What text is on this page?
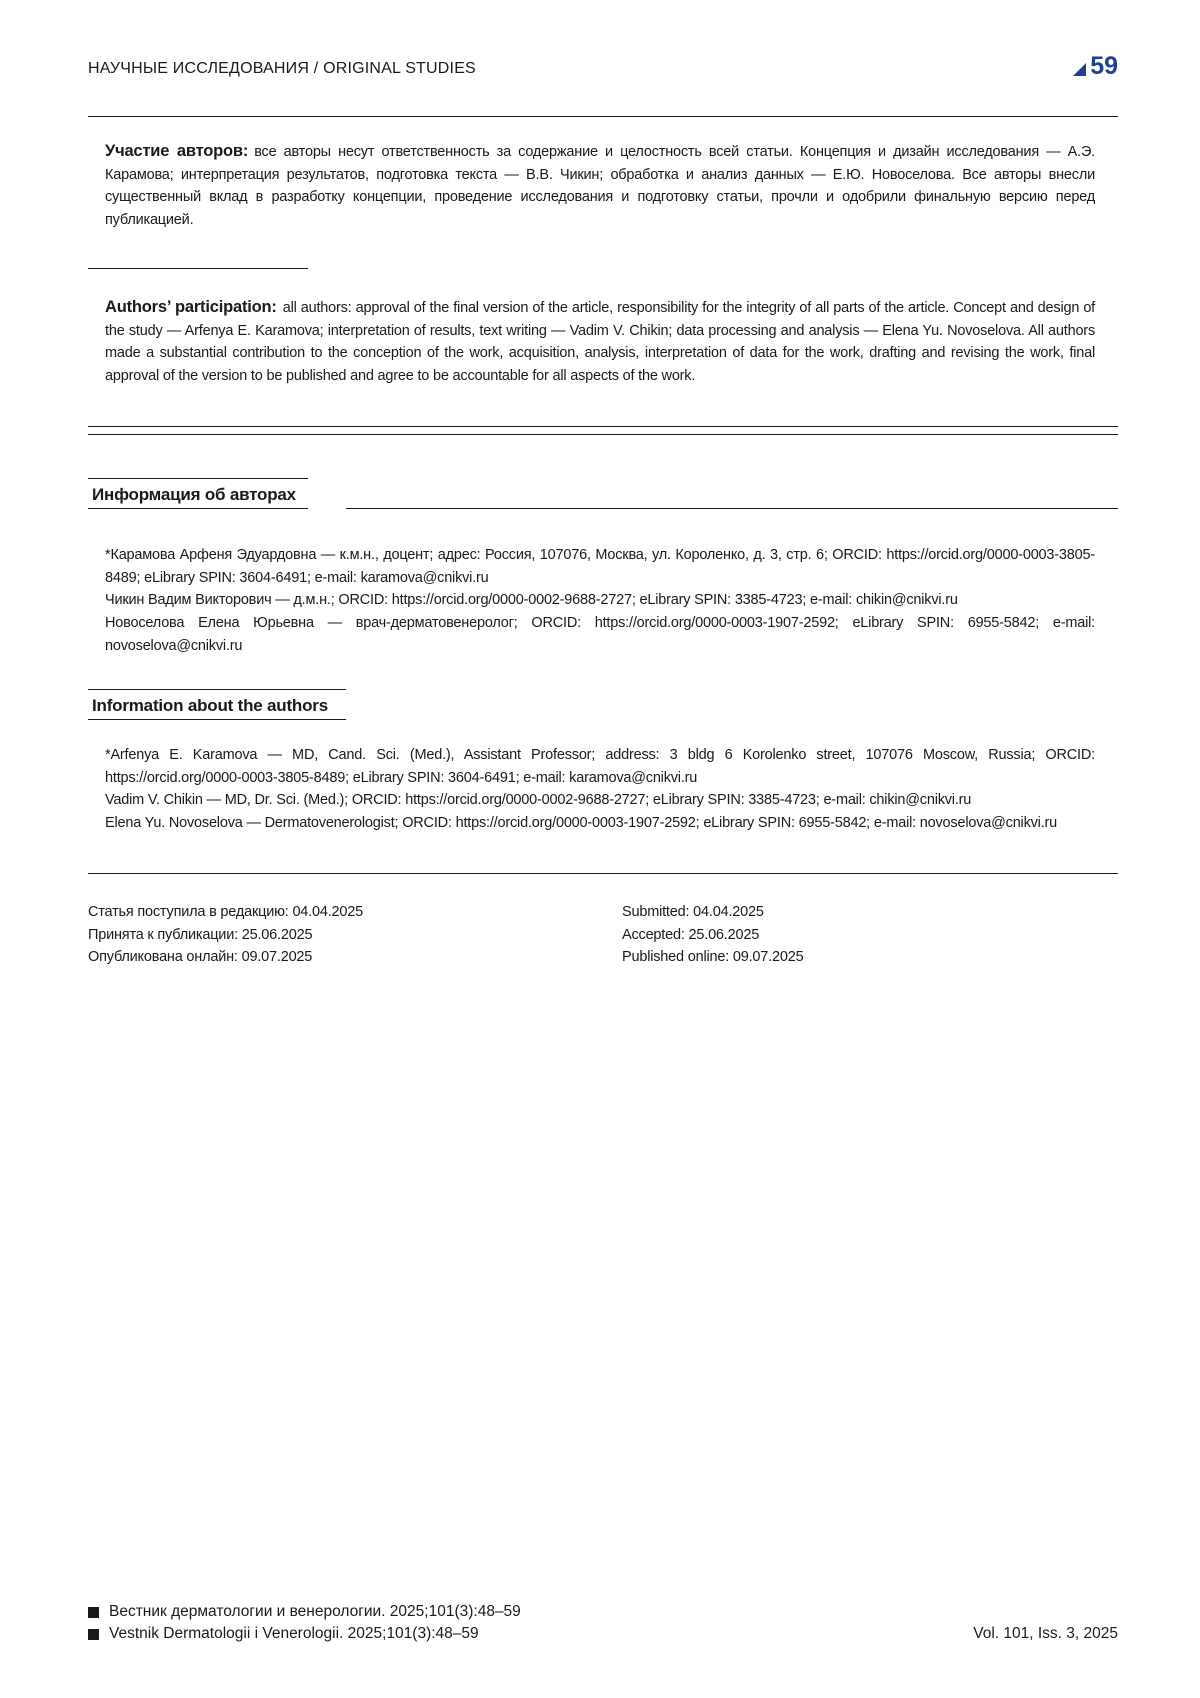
НАУЧНЫЕ ИССЛЕДОВАНИЯ / ORIGINAL STUDIES	59
Участие авторов: все авторы несут ответственность за содержание и целостность всей статьи. Концепция и дизайн исследования — А.Э. Карамова; интерпретация результатов, подготовка текста — В.В. Чикин; обработка и анализ данных — Е.Ю. Новоселова. Все авторы внесли существенный вклад в разработку концепции, проведение исследования и подготовку статьи, прочли и одобрили финальную версию перед публикацией.
Authors’ participation: all authors: approval of the final version of the article, responsibility for the integrity of all parts of the article. Concept and design of the study — Arfenya E. Karamova; interpretation of results, text writing — Vadim V. Chikin; data processing and analysis — Elena Yu. Novoselova. All authors made a substantial contribution to the conception of the work, acquisition, analysis, interpretation of data for the work, drafting and revising the work, final approval of the version to be published and agree to be accountable for all aspects of the work.
Информация об авторах
*Карамова Арфеня Эдуардовна — к.м.н., доцент; адрес: Россия, 107076, Москва, ул. Короленко, д. 3, стр. 6; ORCID: https://orcid.org/0000-0003-3805-8489; eLibrary SPIN: 3604-6491; e-mail: karamova@cnikvi.ru
Чикин Вадим Викторович — д.м.н.; ORCID: https://orcid.org/0000-0002-9688-2727; eLibrary SPIN: 3385-4723; e-mail: chikin@cnikvi.ru
Новоселова Елена Юрьевна — врач-дерматовенеролог; ORCID: https://orcid.org/0000-0003-1907-2592; eLibrary SPIN: 6955-5842; e-mail: novoselova@cnikvi.ru
Information about the authors
*Arfenya E. Karamova — MD, Cand. Sci. (Med.), Assistant Professor; address: 3 bldg 6 Korolenko street, 107076 Moscow, Russia; ORCID: https://orcid.org/0000-0003-3805-8489; eLibrary SPIN: 3604-6491; e-mail: karamova@cnikvi.ru
Vadim V. Chikin — MD, Dr. Sci. (Med.); ORCID: https://orcid.org/0000-0002-9688-2727; eLibrary SPIN: 3385-4723; e-mail: chikin@cnikvi.ru
Elena Yu. Novoselova — Dermatovenerologist; ORCID: https://orcid.org/0000-0003-1907-2592; eLibrary SPIN: 6955-5842; e-mail: novoselova@cnikvi.ru
Статья поступила в редакцию: 04.04.2025
Принята к публикации: 25.06.2025
Опубликована онлайн: 09.07.2025
Submitted: 04.04.2025
Accepted: 25.06.2025
Published online: 09.07.2025
Вестник дерматологии и венерологии. 2025;101(3):48–59
Vestnik Dermatologii i Venerologii. 2025;101(3):48–59	Vol. 101, Iss. 3, 2025
